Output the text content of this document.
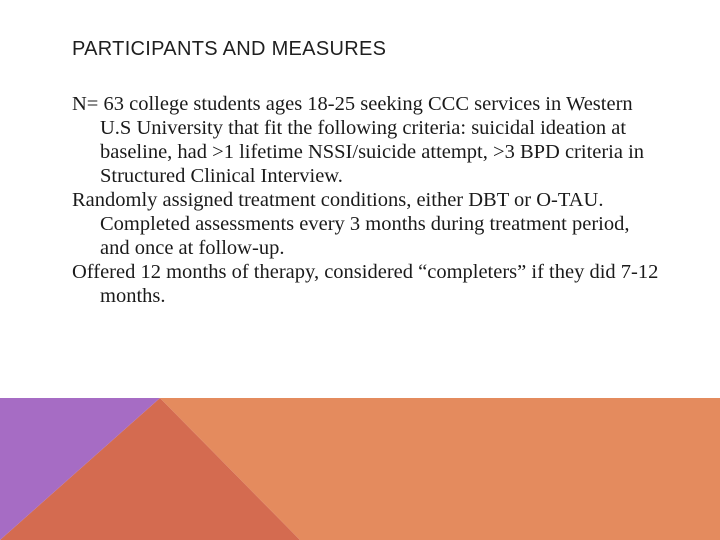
PARTICIPANTS AND MEASURES

N= 63 college students ages 18-25 seeking CCC services in Western U.S University that fit the following criteria: suicidal ideation at baseline, had >1 lifetime NSSI/suicide attempt, >3 BPD criteria in Structured Clinical Interview.

Randomly assigned treatment conditions, either DBT or O-TAU. Completed assessments every 3 months during treatment period, and once at follow-up.

Offered 12 months of therapy, considered “completers” if they did 7-12 months.
